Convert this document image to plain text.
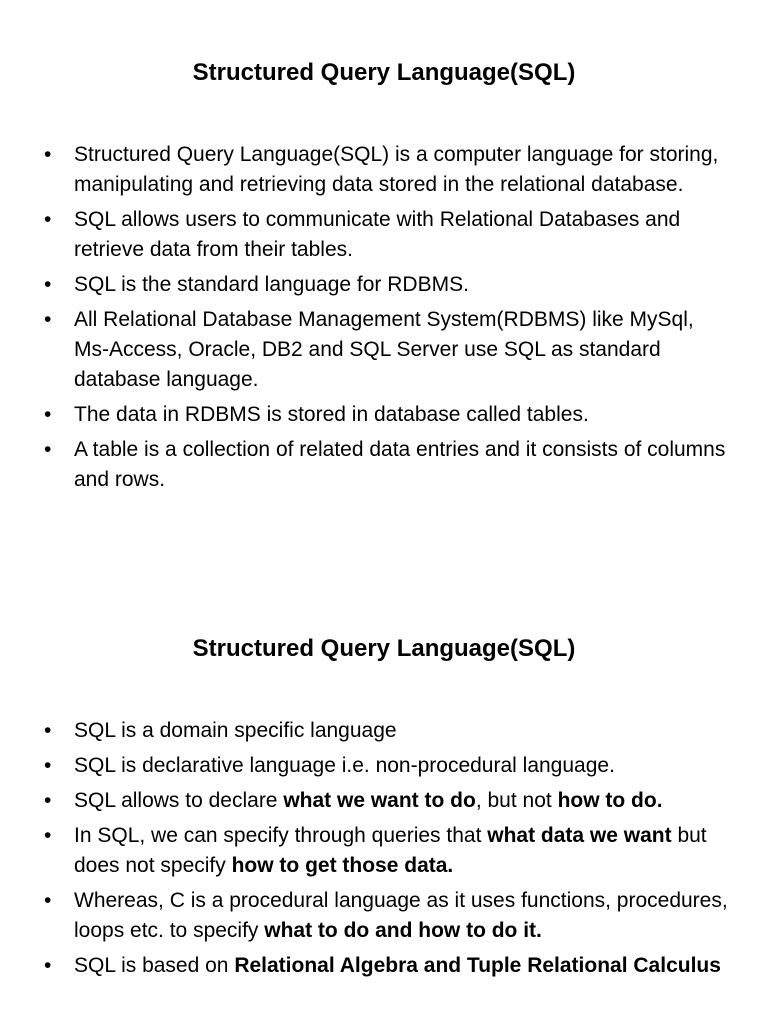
Structured Query Language(SQL)
• Structured Query Language(SQL) is a computer language for storing, manipulating and retrieving data stored in the relational database.
• SQL allows users to communicate with Relational Databases and retrieve data from their tables.
• SQL is the standard language for RDBMS.
• All Relational Database Management System(RDBMS) like MySql, Ms-Access, Oracle, DB2 and SQL Server use SQL as standard database language.
• The data in RDBMS is stored in database called tables.
• A table is a collection of related data entries and it consists of columns and rows.
Structured Query Language(SQL)
• SQL is a domain specific language
• SQL is declarative language i.e. non-procedural language.
• SQL allows to declare what we want to do, but not how to do.
• In SQL, we can specify through queries that what data we want but does not specify how to get those data.
• Whereas, C is a procedural language as it uses functions, procedures, loops etc. to specify what to do and how to do it.
• SQL is based on Relational Algebra and Tuple Relational Calculus
